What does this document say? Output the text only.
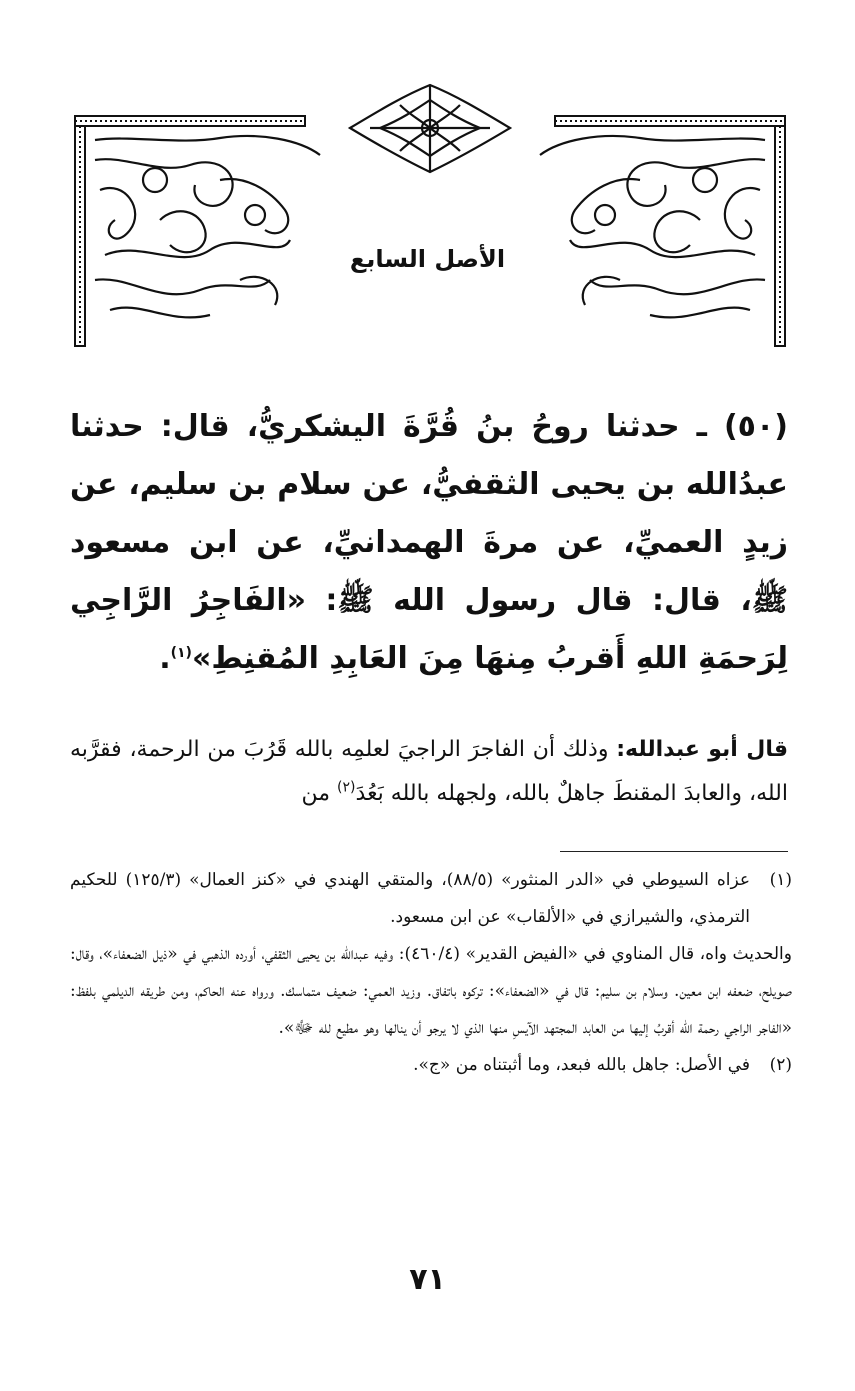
الأصل السابع

(٥٠) ـ حدثنا روحُ بنُ قُرَّةَ اليشكريُّ، قال: حدثنا عبدُالله بن يحيى الثقفيُّ، عن سلام بن سليم، عن زيدٍ العميِّ، عن مرةَ الهمدانيِّ، عن ابن مسعود ﷺ، قال: قال رسول الله ﷺ: «الفَاجِرُ الرَّاجِي لِرَحمَةِ اللهِ أَقربُ مِنهَا مِنَ العَابِدِ المُقنِطِ»$^{(١)}$.

قال أبو عبدالله: وذلك أن الفاجرَ الراجيَ لعلمِه بالله قَرُبَ من الرحمة، فقرَّبه الله، والعابدَ المقنطَ جاهلٌ بالله، ولجهله بالله بَعُدَ$^{(٢)}$ من
(١)
عزاه السيوطي في «الدر المنثور» (٨٨/٥)، والمتقي الهندي في «كنز العمال» (١٢٥/٣) للحكيم الترمذي، والشيرازي في «الألقاب» عن ابن مسعود.
والحديث واه، قال المناوي في «الفيض القدير» (٤٦٠/٤): وفيه عبدالله بن يحيى الثقفي، أورده الذهبي في «ذيل الضعفاء»، وقال: صويلح، ضعفه ابن معين. وسلام بن سليم: قال في «الضعفاء»: تركوه باتفاق. وزيد العمي: ضعيف متماسك. ورواه عنه الحاكم، ومن طريقه الديلمي بلفظ: «الفاجر الراجي رحمة الله أقربُ إليها من العابد المجتهد الآيسِ منها الذي لا يرجو أن ينالها وهو مطيع لله ﷻ».
(٢)
في الأصل: جاهل بالله فبعد، وما أثبتناه من «ج».
٧١
